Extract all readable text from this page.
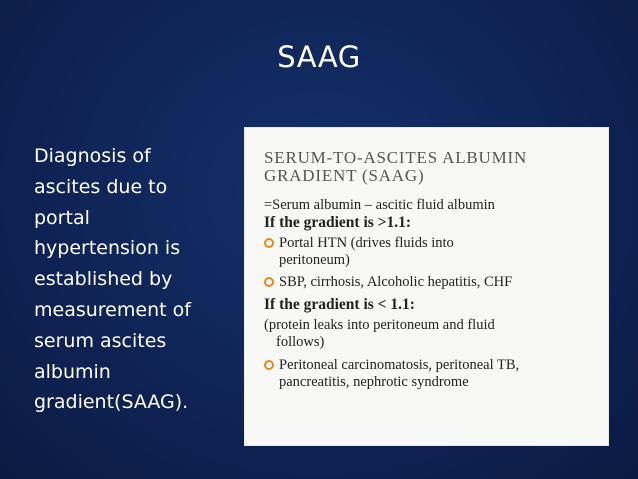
SAAG
Diagnosis of
ascites due to
portal
hypertension is
established by
measurement of
serum ascites
albumin
gradient(SAAG).
SERUM-TO-ASCITES ALBUMIN
GRADIENT (SAAG)
=Serum albumin – ascitic fluid albumin
If the gradient is >1.1:
Portal HTN (drives fluids into
peritoneum)
SBP, cirrhosis, Alcoholic hepatitis, CHF
If the gradient is < 1.1:
(protein leaks into peritoneum and fluid
follows)
Peritoneal carcinomatosis, peritoneal TB,
pancreatitis, nephrotic syndrome
